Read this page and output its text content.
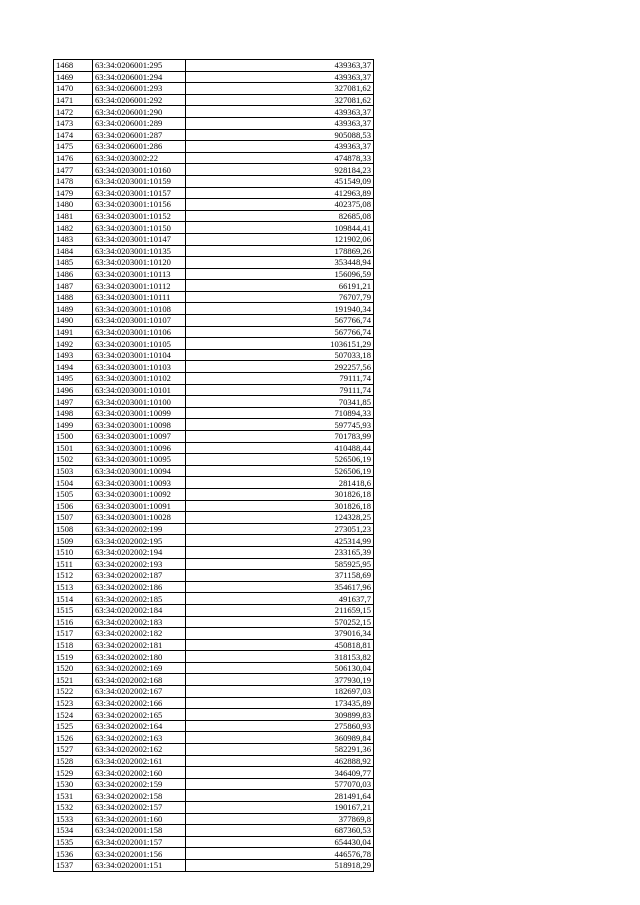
1468	63:34:0206001:295	439363,37
1469	63:34:0206001:294	439363,37
1470	63:34:0206001:293	327081,62
1471	63:34:0206001:292	327081,62
1472	63:34:0206001:290	439363,37
1473	63:34:0206001:289	439363,37
1474	63:34:0206001:287	905088,53
1475	63:34:0206001:286	439363,37
1476	63:34:0203002:22	474878,33
1477	63:34:0203001:10160	928184,23
1478	63:34:0203001:10159	451549,09
1479	63:34:0203001:10157	412963,89
1480	63:34:0203001:10156	402375,08
1481	63:34:0203001:10152	82685,08
1482	63:34:0203001:10150	109844,41
1483	63:34:0203001:10147	121902,06
1484	63:34:0203001:10135	178869,26
1485	63:34:0203001:10120	353448,94
1486	63:34:0203001:10113	156096,59
1487	63:34:0203001:10112	66191,21
1488	63:34:0203001:10111	76707,79
1489	63:34:0203001:10108	191940,34
1490	63:34:0203001:10107	567766,74
1491	63:34:0203001:10106	567766,74
1492	63:34:0203001:10105	1036151,29
1493	63:34:0203001:10104	507033,18
1494	63:34:0203001:10103	292257,56
1495	63:34:0203001:10102	79111,74
1496	63:34:0203001:10101	79111,74
1497	63:34:0203001:10100	70341,85
1498	63:34:0203001:10099	710894,33
1499	63:34:0203001:10098	597745,93
1500	63:34:0203001:10097	701783,99
1501	63:34:0203001:10096	410488,44
1502	63:34:0203001:10095	526506,19
1503	63:34:0203001:10094	526506,19
1504	63:34:0203001:10093	281418,6
1505	63:34:0203001:10092	301826,18
1506	63:34:0203001:10091	301826,18
1507	63:34:0203001:10028	124328,25
1508	63:34:0202002:199	273051,23
1509	63:34:0202002:195	425314,99
1510	63:34:0202002:194	233165,39
1511	63:34:0202002:193	585925,95
1512	63:34:0202002:187	371158,69
1513	63:34:0202002:186	354617,96
1514	63:34:0202002:185	491637,7
1515	63:34:0202002:184	211659,15
1516	63:34:0202002:183	570252,15
1517	63:34:0202002:182	379016,34
1518	63:34:0202002:181	450818,81
1519	63:34:0202002:180	318153,82
1520	63:34:0202002:169	506130,04
1521	63:34:0202002:168	377930,19
1522	63:34:0202002:167	182697,03
1523	63:34:0202002:166	173435,89
1524	63:34:0202002:165	309899,83
1525	63:34:0202002:164	275860,93
1526	63:34:0202002:163	360989,84
1527	63:34:0202002:162	582291,36
1528	63:34:0202002:161	462888,92
1529	63:34:0202002:160	346409,77
1530	63:34:0202002:159	577070,03
1531	63:34:0202002:158	281491,64
1532	63:34:0202002:157	190167,21
1533	63:34:0202001:160	377869,8
1534	63:34:0202001:158	687360,53
1535	63:34:0202001:157	654430,04
1536	63:34:0202001:156	446576,78
1537	63:34:0202001:151	518918,29
